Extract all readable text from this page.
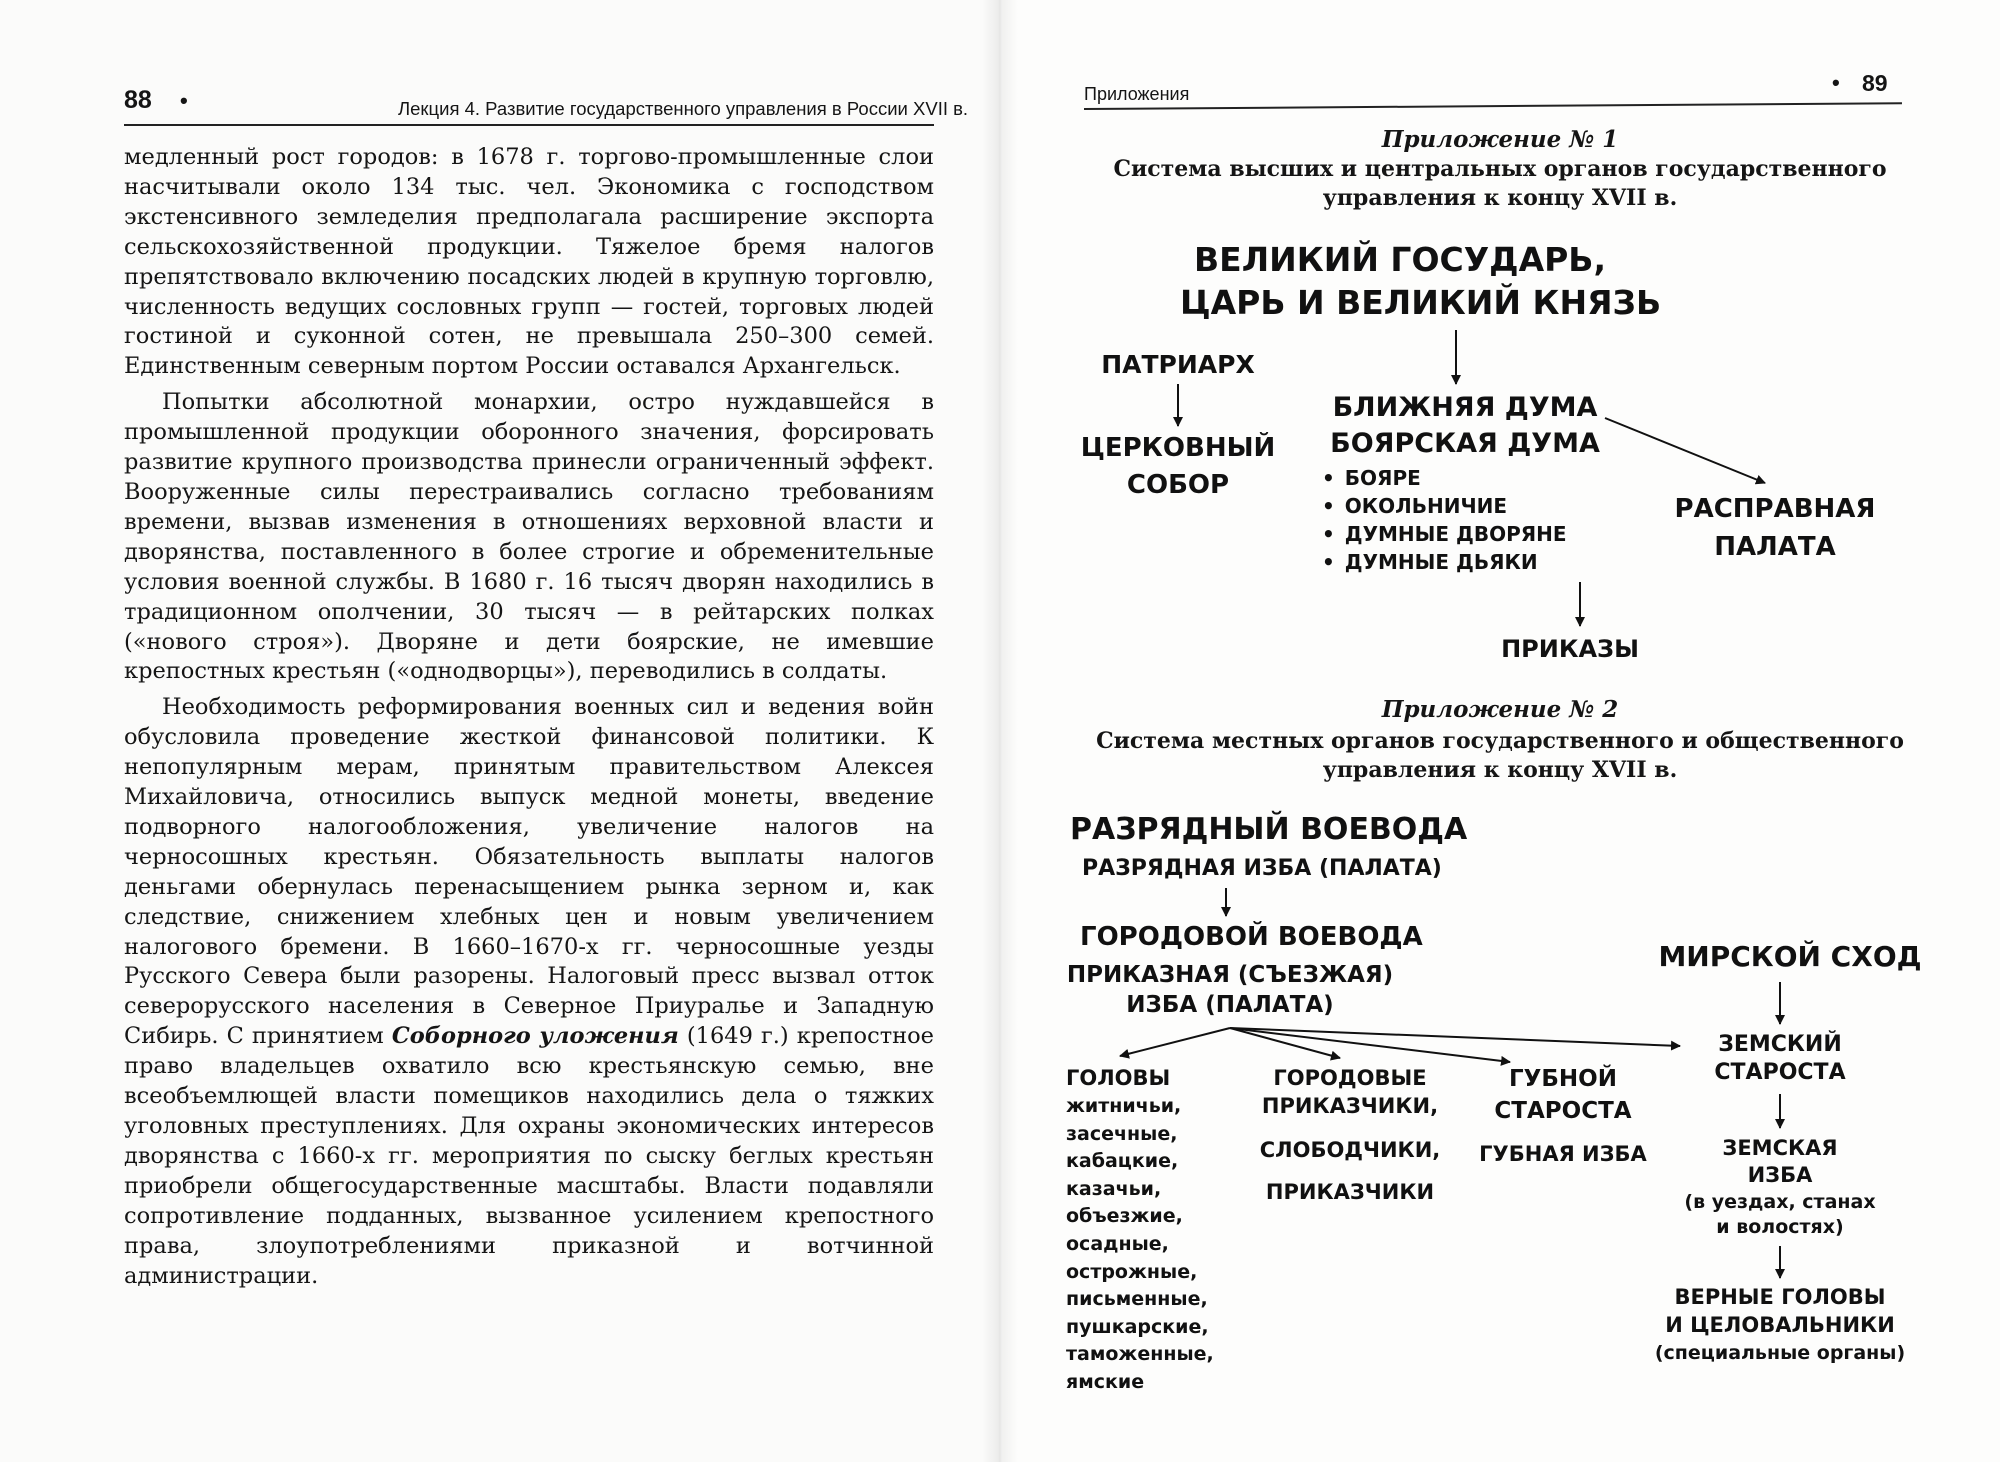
88 •	Лекция 4. Развитие государственного управления в России XVII в.

медленный рост городов: в 1678 г. торгово-промышленные слои насчитывали около 134 тыс. чел. Экономика с господством экстенсивного земледелия предполагала расширение экспорта сельскохозяйственной продукции. Тяжелое бремя налогов препятствовало включению посадских людей в крупную торговлю, численность ведущих сословных групп — гостей, торговых людей гостиной и суконной сотен, не превышала 250–300 семей. Единственным северным портом России оставался Архангельск.

Попытки абсолютной монархии, остро нуждавшейся в промышленной продукции оборонного значения, форсировать развитие крупного производства принесли ограниченный эффект. Вооруженные силы перестраивались согласно требованиям времени, вызвав изменения в отношениях верховной власти и дворянства, поставленного в более строгие и обременительные условия военной службы. В 1680 г. 16 тысяч дворян находились в традиционном ополчении, 30 тысяч — в рейтарских полках («нового строя»). Дворяне и дети боярские, не имевшие крепостных крестьян («однодворцы»), переводились в солдаты.

Необходимость реформирования военных сил и ведения войн обусловила проведение жесткой финансовой политики. К непопулярным мерам, принятым правительством Алексея Михайловича, относились выпуск медной монеты, введение подворного налогообложения, увеличение налогов на черносошных крестьян. Обязательность выплаты налогов деньгами обернулась перенасыщением рынка зерном и, как следствие, снижением хлебных цен и новым увеличением налогового бремени. В 1660–1670-х гг. черносошные уезды Русского Севера были разорены. Налоговый пресс вызвал отток северорусского населения в Северное Приуралье и Западную Сибирь. С принятием Соборного уложения (1649 г.) крепостное право владельцев охватило всю крестьянскую семью, вне всеобъемлющей власти помещиков находились дела о тяжких уголовных преступлениях. Для охраны экономических интересов дворянства с 1660-х гг. мероприятия по сыску беглых крестьян приобрели общегосударственные масштабы. Власти подавляли сопротивление подданных, вызванное усилением крепостного права, злоупотреблениями приказной и вотчинной администрации.

Приложения	• 89
Приложение № 1
Система высших и центральных органов государственного
управления к концу XVII в.
ВЕЛИКИЙ ГОСУДАРЬ,
ЦАРЬ И ВЕЛИКИЙ КНЯЗЬ
ПАТРИАРХ
ЦЕРКОВНЫЙ
СОБОР
БЛИЖНЯЯ ДУМА
БОЯРСКАЯ ДУМА
• БОЯРЕ
• ОКОЛЬНИЧИЕ
• ДУМНЫЕ ДВОРЯНЕ
• ДУМНЫЕ ДЬЯКИ
РАСПРАВНАЯ
ПАЛАТА
ПРИКАЗЫ
Приложение № 2
Система местных органов государственного и общественного
управления к концу XVII в.
РАЗРЯДНЫЙ ВОЕВОДА
РАЗРЯДНАЯ ИЗБА (ПАЛАТА)
ГОРОДОВОЙ ВОЕВОДА
ПРИКАЗНАЯ (СЪЕЗЖАЯ)
ИЗБА (ПАЛАТА)
ГОЛОВЫ
житничьи,
засечные,
кабацкие,
казачьи,
объезжие,
осадные,
острожные,
письменные,
пушкарские,
таможенные,
ямские
ГОРОДОВЫЕ
ПРИКАЗЧИКИ,
СЛОБОДЧИКИ,
ПРИКАЗЧИКИ
ГУБНОЙ
СТАРОСТА
ГУБНАЯ ИЗБА
МИРСКОЙ СХОД
ЗЕМСКИЙ
СТАРОСТА
ЗЕМСКАЯ
ИЗБА
(в уездах, станах
и волостях)
ВЕРНЫЕ ГОЛОВЫ
И ЦЕЛОВАЛЬНИКИ
(специальные органы)
